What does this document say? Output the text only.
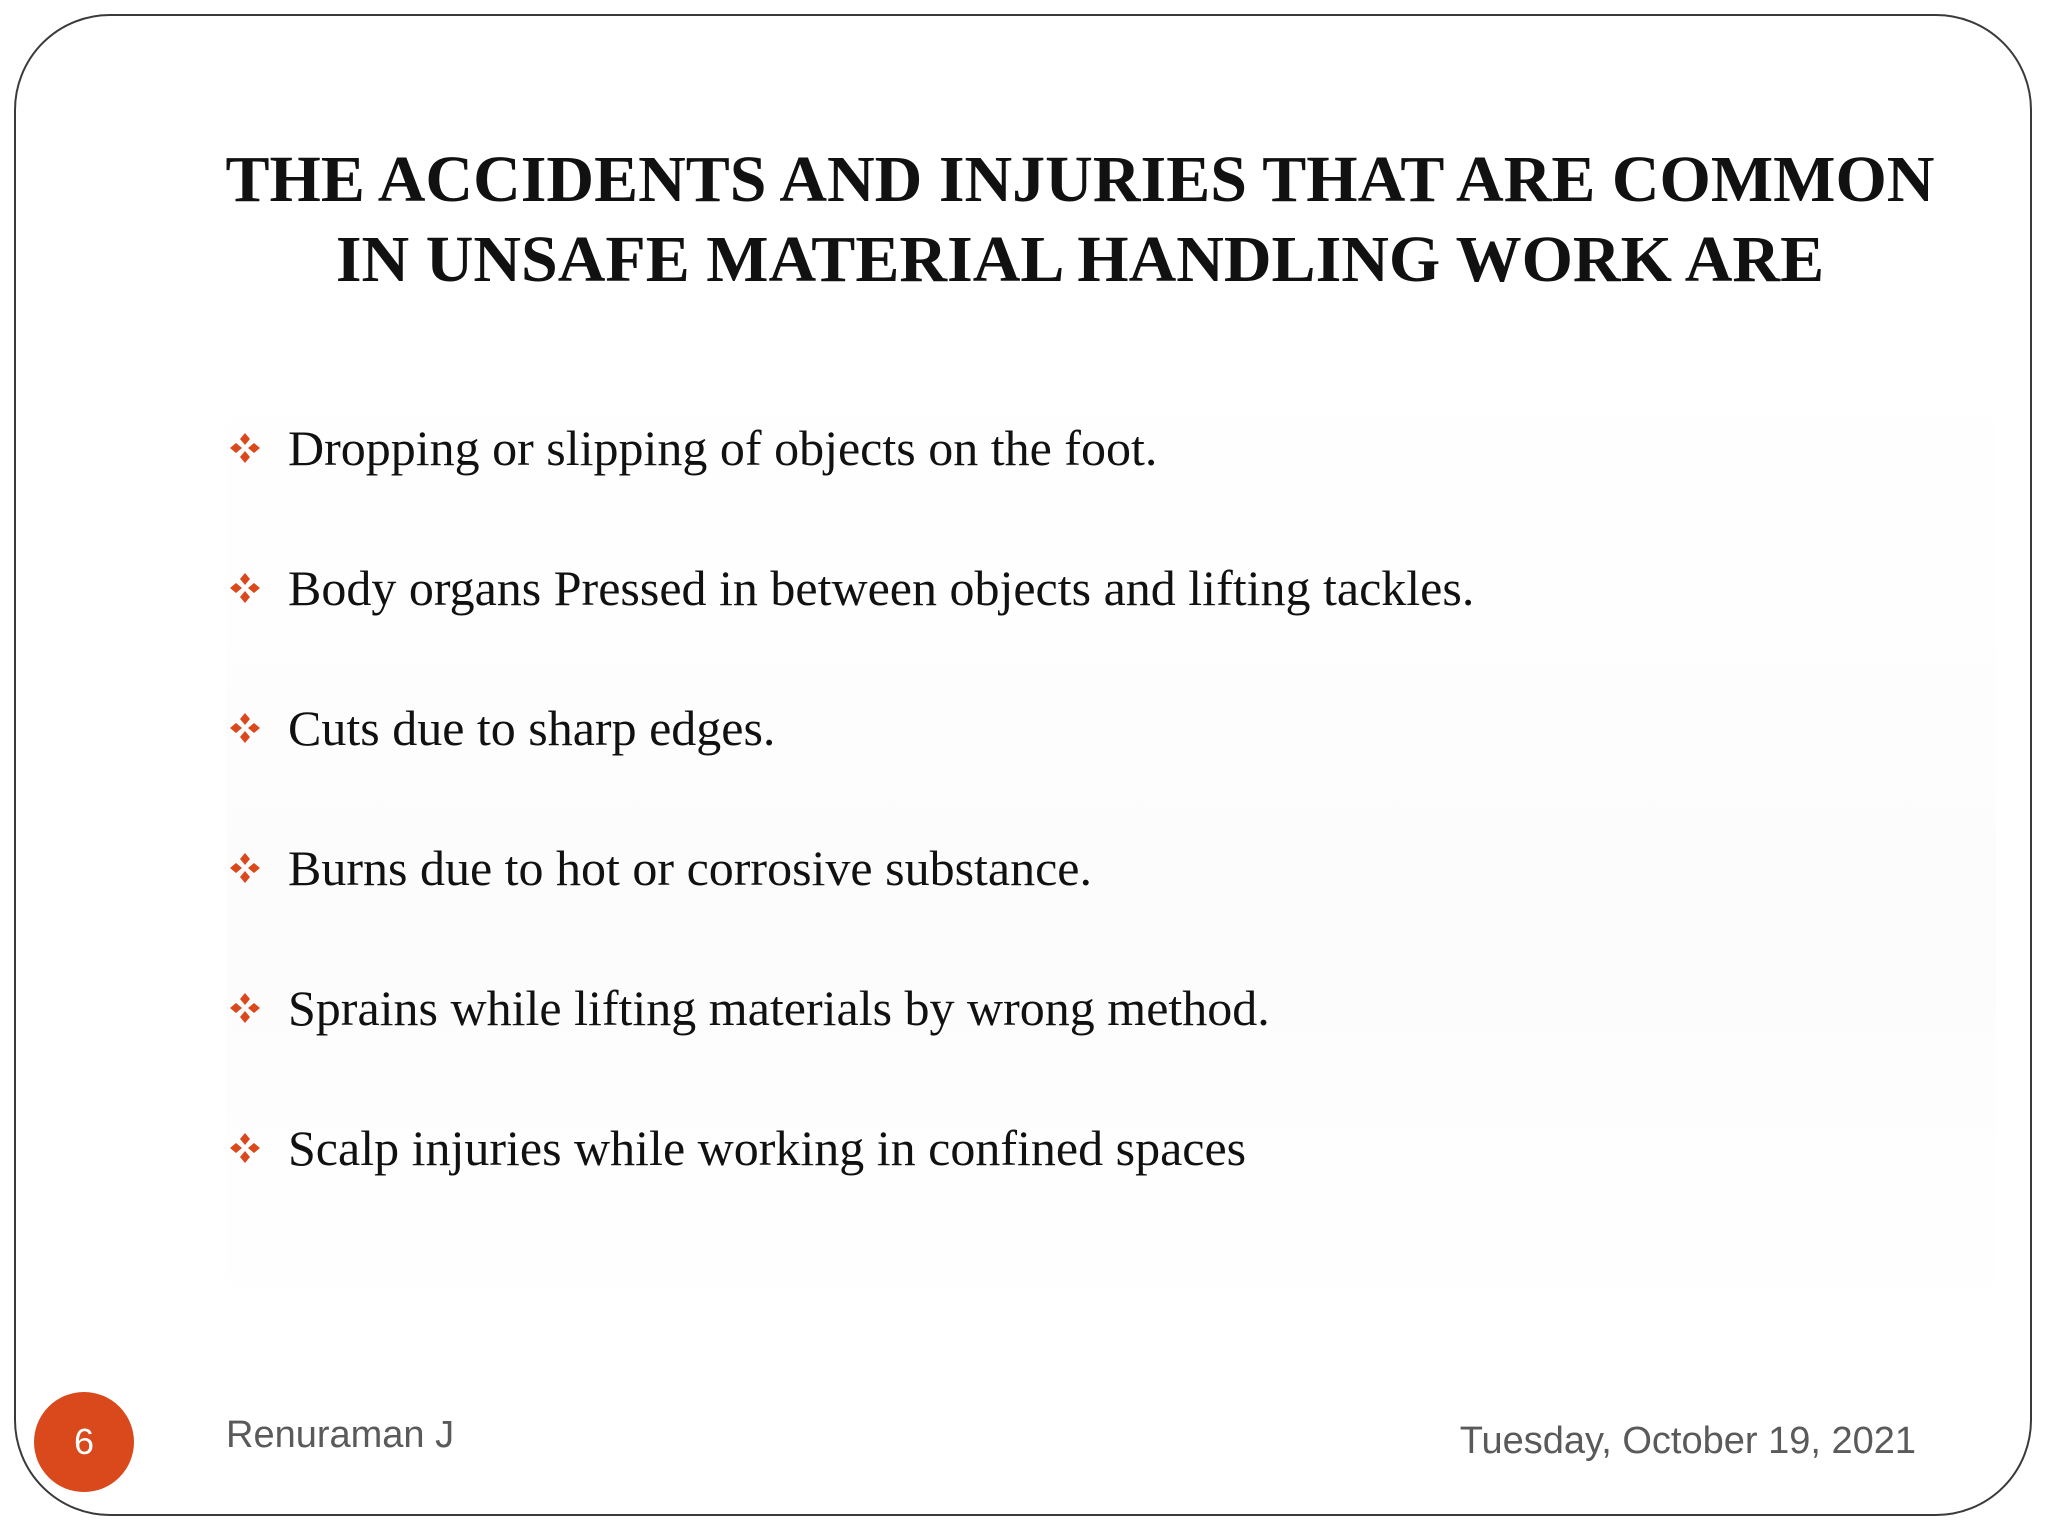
THE ACCIDENTS AND INJURIES THAT ARE COMMON
IN UNSAFE MATERIAL HANDLING WORK ARE
Dropping or slipping of objects on the foot.
Body organs Pressed in between objects and lifting tackles.
Cuts due to sharp edges.
Burns due to hot or corrosive substance.
Sprains while lifting materials by wrong method.
Scalp injuries while working in confined spaces
6	Renuraman J	Tuesday, October 19, 2021
